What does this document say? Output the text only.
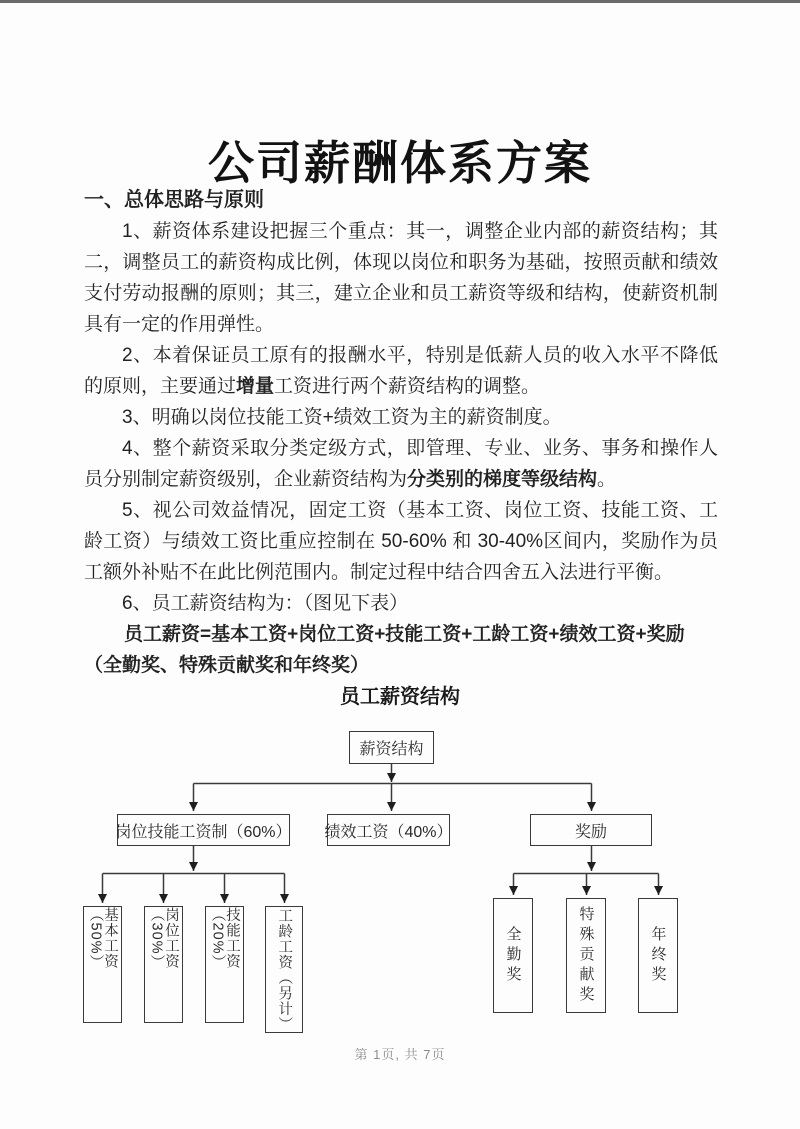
公司薪酬体系方案
一、总体思路与原则

1、薪资体系建设把握三个重点：其一，调整企业内部的薪资结构；其二，调整员工的薪资构成比例，体现以岗位和职务为基础，按照贡献和绩效支付劳动报酬的原则；其三，建立企业和员工薪资等级和结构，使薪资机制具有一定的作用弹性。

2、本着保证员工原有的报酬水平，特别是低薪人员的收入水平不降低的原则，主要通过增量工资进行两个薪资结构的调整。

3、明确以岗位技能工资+绩效工资为主的薪资制度。

4、整个薪资采取分类定级方式，即管理、专业、业务、事务和操作人员分别制定薪资级别，企业薪资结构为分类别的梯度等级结构。

5、视公司效益情况，固定工资（基本工资、岗位工资、技能工资、工龄工资）与绩效工资比重应控制在 50-60% 和 30-40%区间内，奖励作为员工额外补贴不在此比例范围内。制定过程中结合四舍五入法进行平衡。

6、员工薪资结构为：（图见下表）

员工薪资=基本工资+岗位工资+技能工资+工龄工资+绩效工资+奖励
（全勤奖、特殊贡献奖和年终奖）
员工薪资结构
薪资结构
岗位技能工资制（60%） 绩效工资（40%）	奖励
基本工资（50%）	岗位工资（30%）	技能工资（20%）	工龄工资（另计）	全勤奖	特殊贡献奖	年终奖
第 1页, 共 7页
